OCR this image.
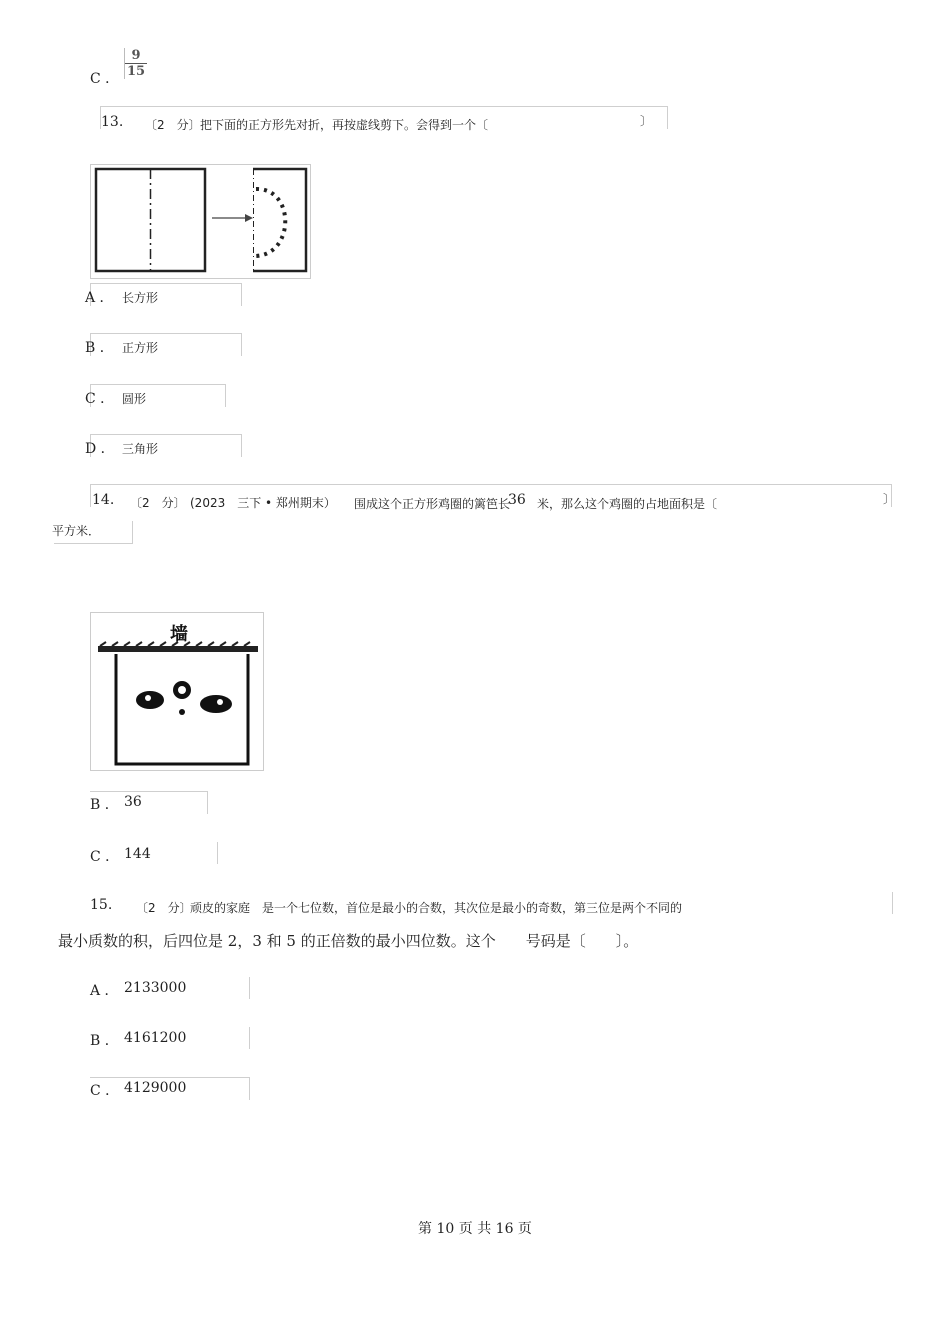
C ． $\frac{9}{15}$
13. 〔2　分〕 把下面的正方形先对折，再按虚线剪下。会得到一个〔	〕
A ． 长方形
B ． 正方形
C ． 圆形
D ． 三角形
14. 〔2　分〕 (2023　三下 • 郑州期末） 围成这个正方形鸡圈的篱笆长
36 米，那么这个鸡圈的占地面积是〔	〕
平方米．
墙
B ． 36
C ． 144
15. 〔2　分〕
顽皮的家庭　是一个七位数，首位是最小的合数，其次位是最小的奇数，第三位是两个不同的
最小质数的积，后四位是 2，3 和 5 的正倍数的最小四位数。这个　　号码是〔　　〕。
A ． 2133000
B ． 4161200
C ． 4129000
第 10 页 共 16 页
